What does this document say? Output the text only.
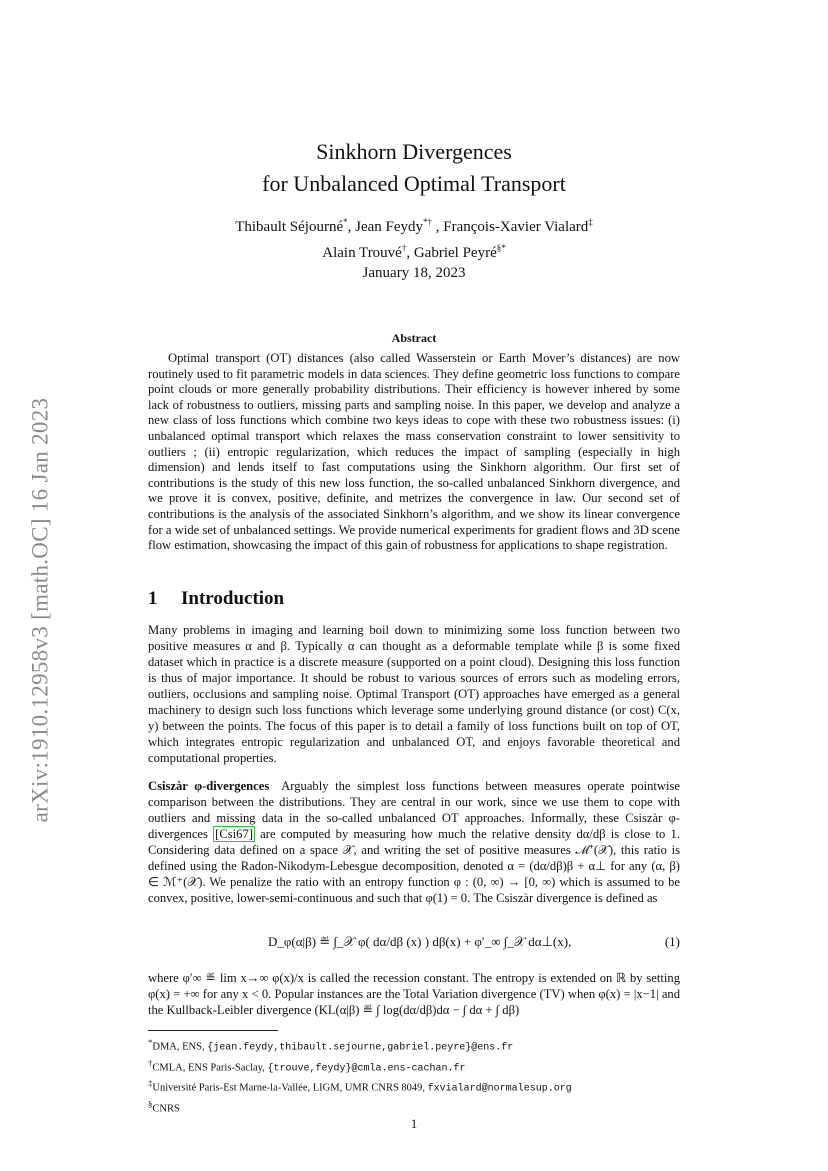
arXiv:1910.12958v3 [math.OC] 16 Jan 2023
Sinkhorn Divergences
for Unbalanced Optimal Transport
Thibault Séjourné*, Jean Feydy*† , François-Xavier Vialard‡
Alain Trouvé†, Gabriel Peyré§*
January 18, 2023
Abstract

Optimal transport (OT) distances (also called Wasserstein or Earth Mover’s distances) are now routinely used to fit parametric models in data sciences. They define geometric loss functions to compare point clouds or more generally probability distributions. Their efficiency is however inhered by some lack of robustness to outliers, missing parts and sampling noise. In this paper, we develop and analyze a new class of loss functions which combine two keys ideas to cope with these two robustness issues: (i) unbalanced optimal transport which relaxes the mass conservation constraint to lower sensitivity to outliers ; (ii) entropic regularization, which reduces the impact of sampling (especially in high dimension) and lends itself to fast computations using the Sinkhorn algorithm. Our first set of contributions is the study of this new loss function, the so-called unbalanced Sinkhorn divergence, and we prove it is convex, positive, definite, and metrizes the convergence in law. Our second set of contributions is the analysis of the associated Sinkhorn’s algorithm, and we show its linear convergence for a wide set of unbalanced settings. We provide numerical experiments for gradient flows and 3D scene flow estimation, showcasing the impact of this gain of robustness for applications to shape registration.

1 Introduction

Many problems in imaging and learning boil down to minimizing some loss function between two positive measures α and β. Typically α can thought as a deformable template while β is some fixed dataset which in practice is a discrete measure (supported on a point cloud). Designing this loss function is thus of major importance. It should be robust to various sources of errors such as modeling errors, outliers, occlusions and sampling noise. Optimal Transport (OT) approaches have emerged as a general machinery to design such loss functions which leverage some underlying ground distance (or cost) C(x, y) between the points. The focus of this paper is to detail a family of loss functions built on top of OT, which integrates entropic regularization and unbalanced OT, and enjoys favorable theoretical and computational properties.

Csiszàr φ-divergences Arguably the simplest loss functions between measures operate pointwise comparison between the distributions. They are central in our work, since we use them to cope with outliers and missing data in the so-called unbalanced OT approaches. Informally, these Csiszàr φ-divergences [Csi67] are computed by measuring how much the relative density dα/dβ is close to 1. Considering data defined on a space 𝒳, and writing the set of positive measures ℳ⁺(𝒳), this ratio is defined using the Radon-Nikodym-Lebesgue decomposition, denoted α = (dα/dβ)β + α⊥ for any (α, β) ∈ ℳ⁺(𝒳). We penalize the ratio with an entropy function φ : (0, ∞) → [0, ∞) which is assumed to be convex, positive, lower-semi-continuous and such that φ(1) = 0. The Csiszàr divergence is defined as

D_φ(α|β) ≝ ∫_𝒳 φ( dα/dβ (x) ) dβ(x) + φ′_∞ ∫_𝒳 dα⊥(x),	(1)

where φ′∞ ≝ lim x→∞ φ(x)/x is called the recession constant. The entropy is extended on ℝ by setting φ(x) = +∞ for any x < 0. Popular instances are the Total Variation divergence (TV) when φ(x) = |x−1| and the Kullback-Leibler divergence (KL(α|β) ≝ ∫ log(dα/dβ)dα − ∫ dα + ∫ dβ)

*DMA, ENS, {jean.feydy,thibault.sejourne,gabriel.peyre}@ens.fr
†CMLA, ENS Paris-Saclay, {trouve,feydy}@cmla.ens-cachan.fr
‡Université Paris-Est Marne-la-Vallée, LIGM, UMR CNRS 8049, fxvialard@normalesup.org
§CNRS
1
